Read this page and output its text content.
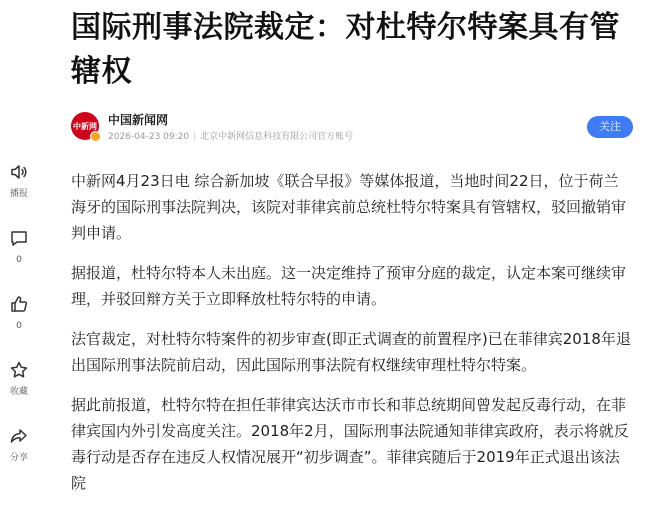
播报
0
0
收藏
分享
国际刑事法院裁定：对杜特尔特案具有管辖权
中新网 中国新闻网
2026-04-23 09:20 | 北京中新网信息科技有限公司官方账号
关注

中新网4月23日电 综合新加坡《联合早报》等媒体报道，当地时间22日，位于荷兰海牙的国际刑事法院判决，该院对菲律宾前总统杜特尔特案具有管辖权，驳回撤销审判申请。

据报道，杜特尔特本人未出庭。这一决定维持了预审分庭的裁定，认定本案可继续审理，并驳回辩方关于立即释放杜特尔特的申请。

法官裁定，对杜特尔特案件的初步审查(即正式调查的前置程序)已在菲律宾2018年退出国际刑事法院前启动，因此国际刑事法院有权继续审理杜特尔特案。

据此前报道，杜特尔特在担任菲律宾达沃市市长和菲总统期间曾发起反毒行动，在菲律宾国内外引发高度关注。2018年2月，国际刑事法院通知菲律宾政府，表示将就反毒行动是否存在违反人权情况展开“初步调查”。菲律宾随后于2019年正式退出该法院
